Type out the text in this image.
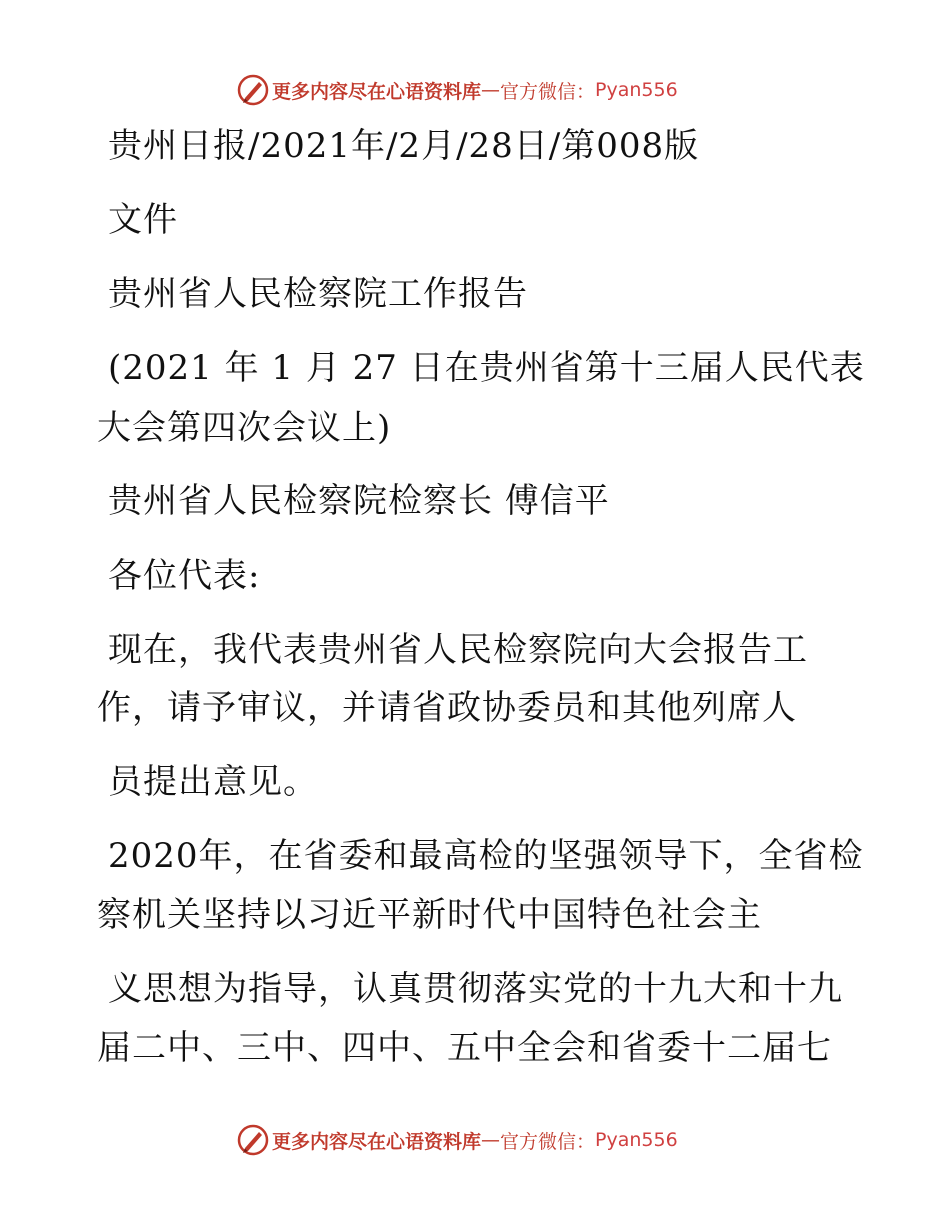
更多内容尽在心语资料库 — 官方微信： Pyan556
贵州日报/2021年/2月/28日/第008版
文件
贵州省人民检察院工作报告
(2021 年 1 月 27 日在贵州省第十三届人民代表
大会第四次会议上)
贵州省人民检察院检察长 傅信平
各位代表:
现在，我代表贵州省人民检察院向大会报告工
作，请予审议，并请省政协委员和其他列席人
员提出意见。
2020年，在省委和最高检的坚强领导下，全省检
察机关坚持以习近平新时代中国特色社会主
义思想为指导，认真贯彻落实党的十九大和十九
届二中、三中、四中、五中全会和省委十二届七
更多内容尽在心语资料库 — 官方微信： Pyan556
